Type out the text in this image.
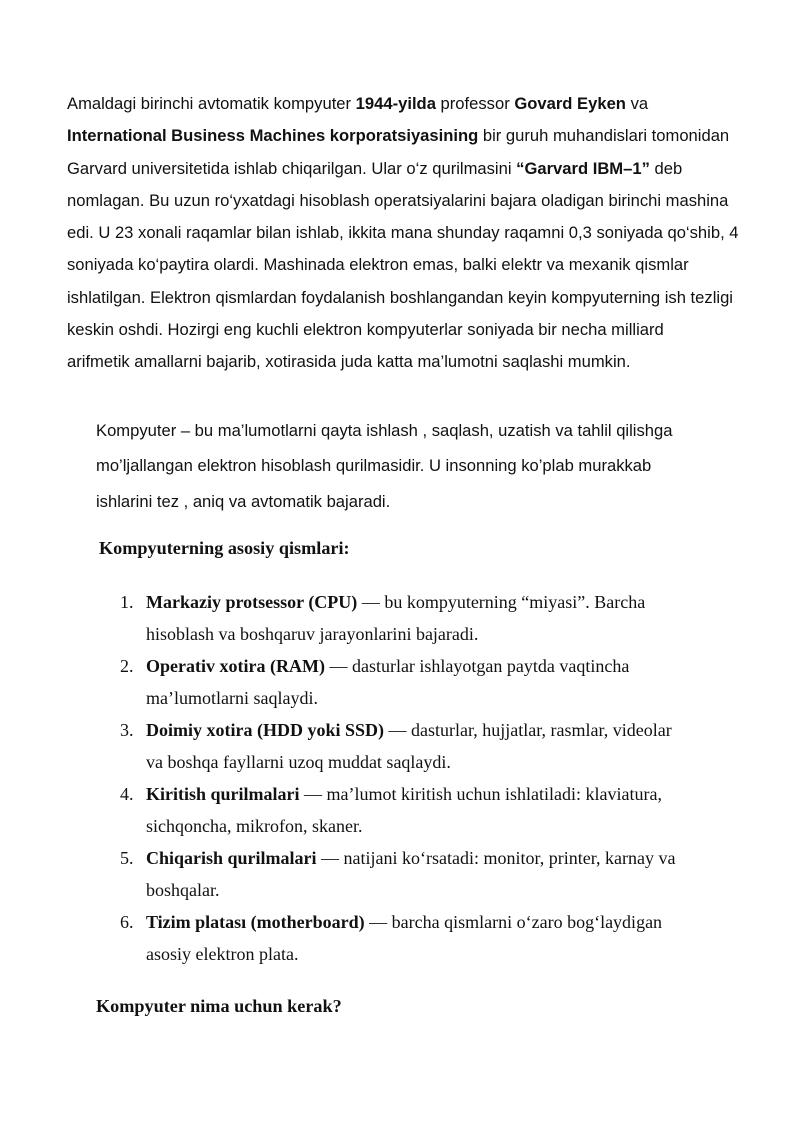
Amaldagi birinchi avtomatik kompyuter 1944-yilda professor Govard Eyken va
International Business Machines korporatsiyasining bir guruh muhandislari tomonidan
Garvard universitetida ishlab chiqarilgan. Ular o‘z qurilmasini “Garvard IBM–1” deb
nomlagan. Bu uzun ro‘yxatdagi hisoblash operatsiyalarini bajara oladigan birinchi mashina
edi. U 23 xonali raqamlar bilan ishlab, ikkita mana shunday raqamni 0,3 soniyada qo‘shib, 4
soniyada ko‘paytira olardi. Mashinada elektron emas, balki elektr va mexanik qismlar
ishlatilgan. Elektron qismlardan foydalanish boshlangandan keyin kompyuterning ish tezligi
keskin oshdi. Hozirgi eng kuchli elektron kompyuterlar soniyada bir necha milliard
arifmetik amallarni bajarib, xotirasida juda katta ma’lumotni saqlashi mumkin.
Kompyuter – bu ma’lumotlarni qayta ishlash , saqlash, uzatish va tahlil qilishga
mo’ljallangan elektron hisoblash qurilmasidir. U insonning ko’plab murakkab
ishlarini tez , aniq va avtomatik bajaradi.
Kompyuterning asosiy qismlari:
1. Markaziy protsessor (CPU) — bu kompyuterning “miyasi”. Barcha
hisoblash va boshqaruv jarayonlarini bajaradi.
2. Operativ xotira (RAM) — dasturlar ishlayotgan paytda vaqtincha
ma’lumotlarni saqlaydi.
3. Doimiy xotira (HDD yoki SSD) — dasturlar, hujjatlar, rasmlar, videolar
va boshqa fayllarni uzoq muddat saqlaydi.
4. Kiritish qurilmalari — ma’lumot kiritish uchun ishlatiladi: klaviatura,
sichqoncha, mikrofon, skaner.
5. Chiqarish qurilmalari — natijani ko‘rsatadi: monitor, printer, karnay va
boshqalar.
6. Tizim platası (motherboard) — barcha qismlarni o‘zaro bog‘laydigan
asosiy elektron plata.
Kompyuter nima uchun kerak?
